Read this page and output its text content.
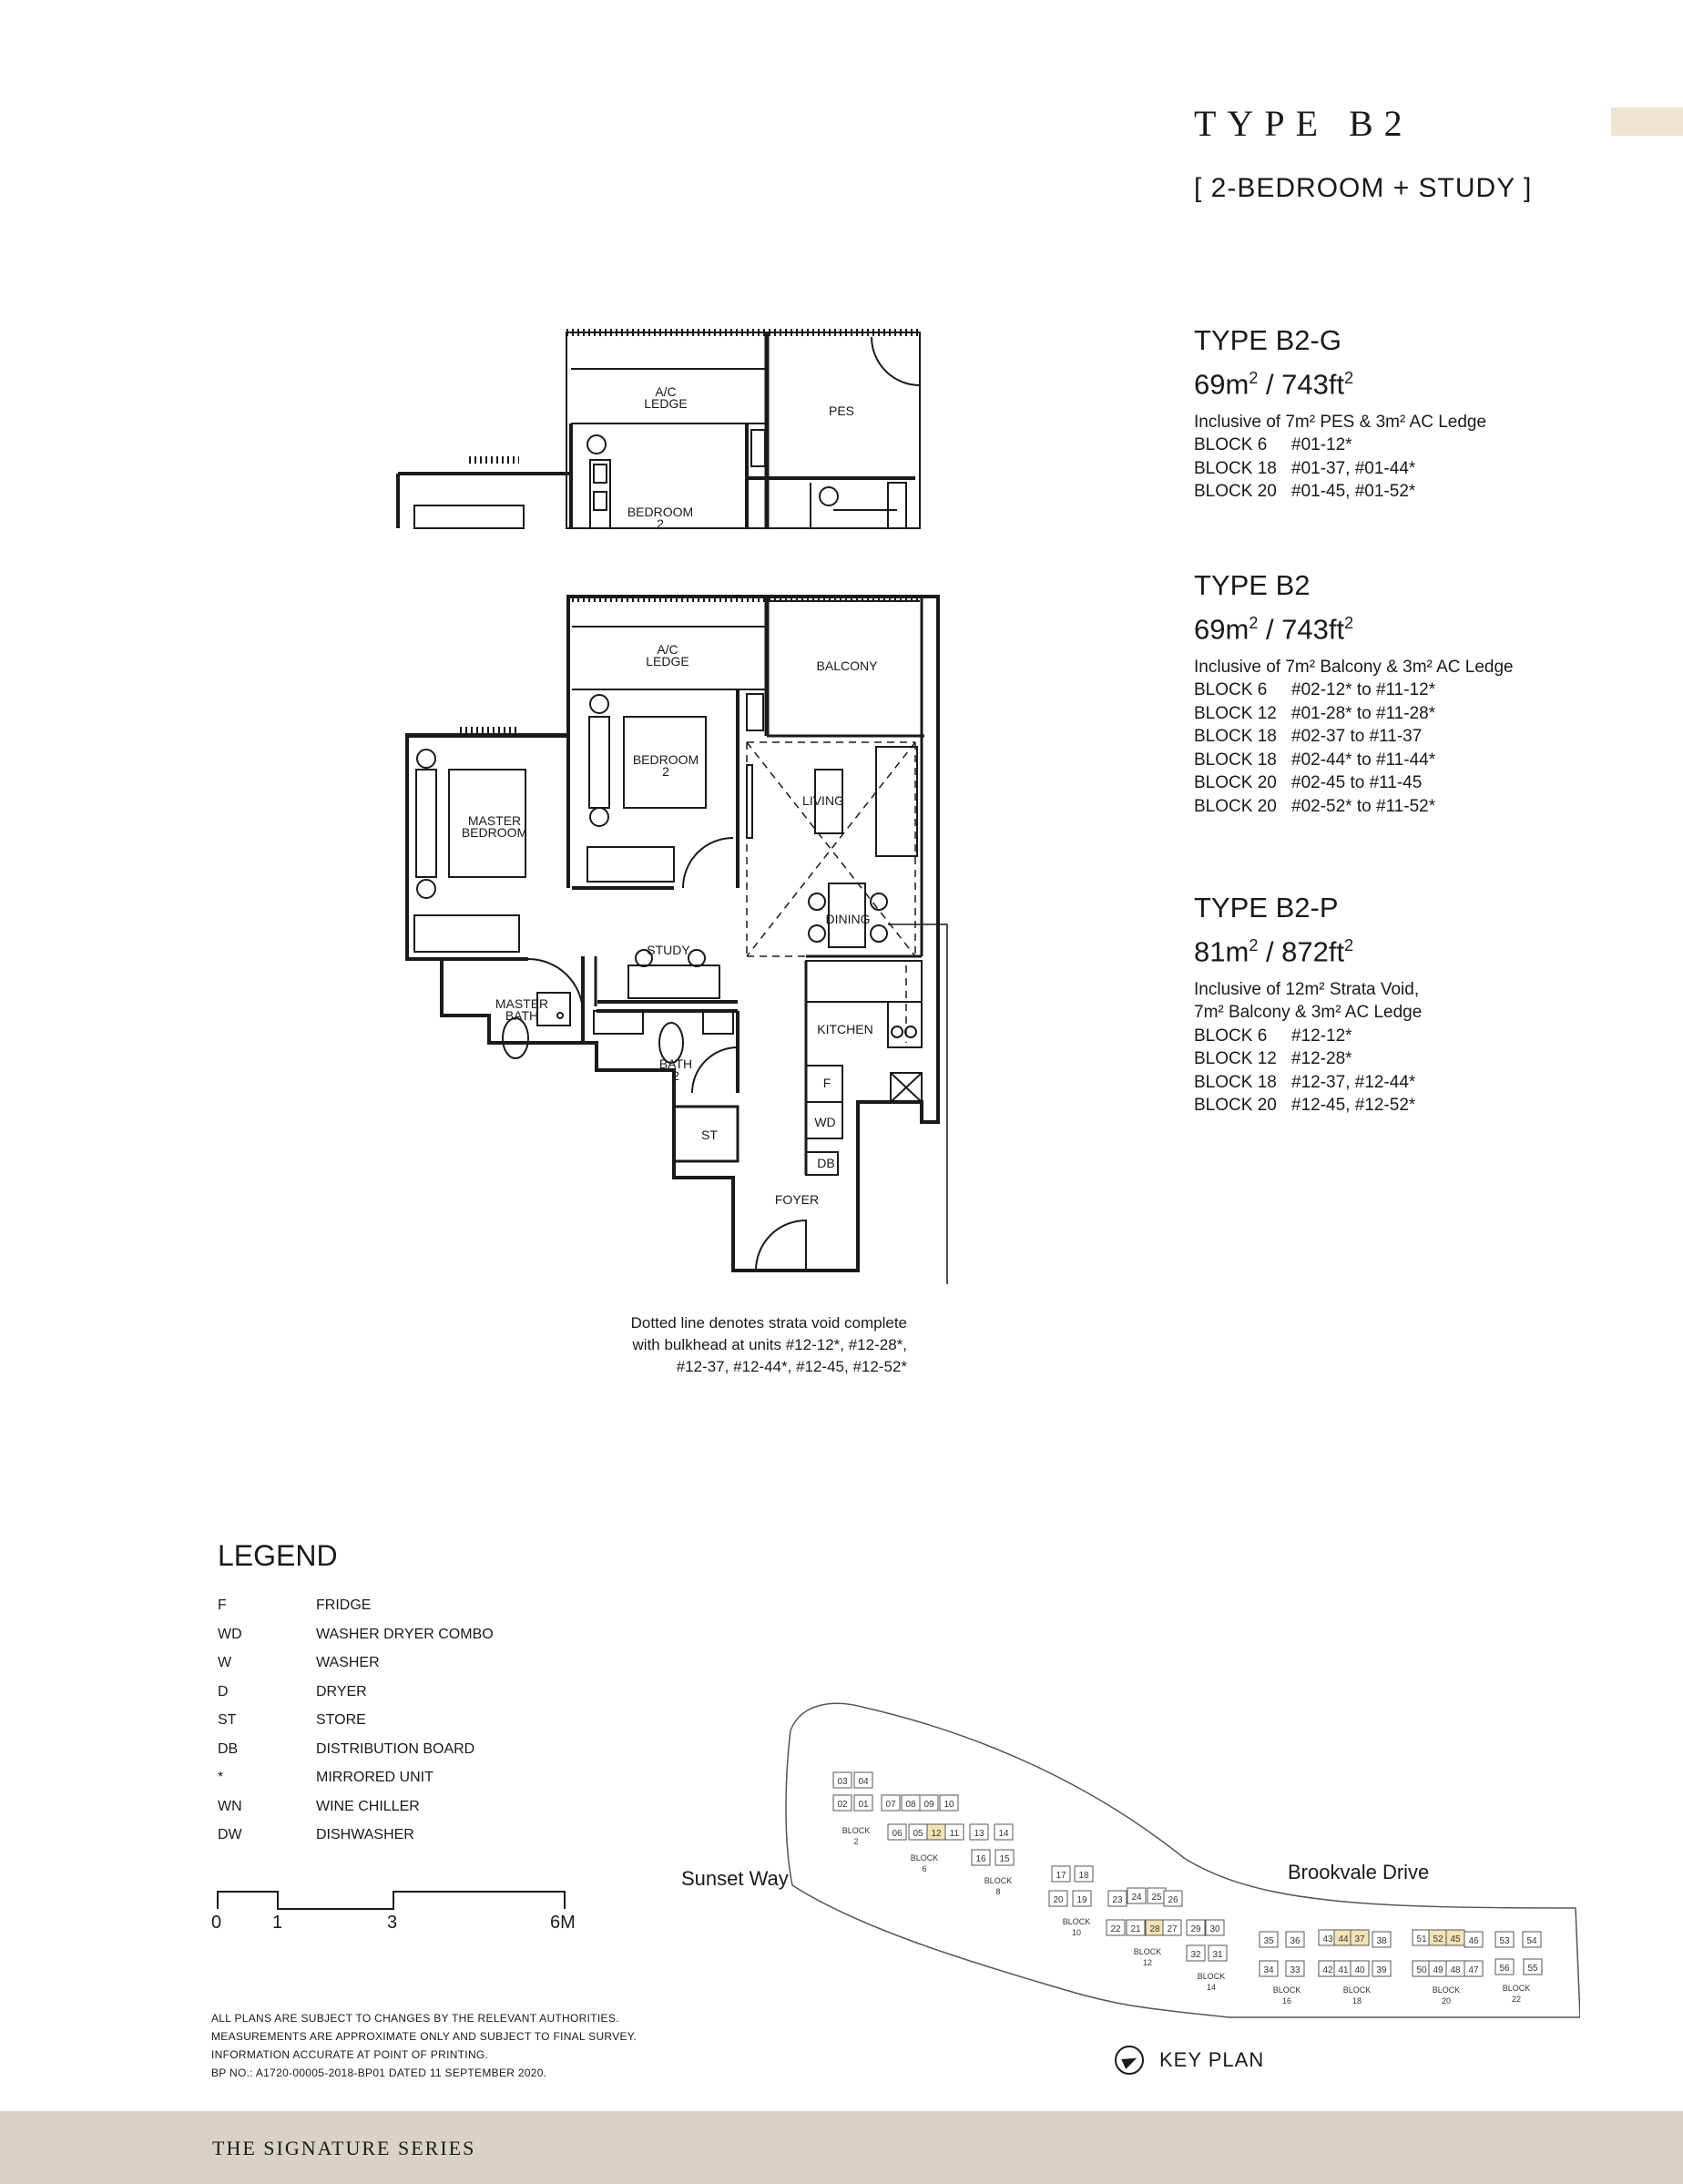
TYPE B2
[ 2-BEDROOM + STUDY ]
TYPE B2-G
$69m^2 / 743ft^2$
Inclusive of 7m² PES & 3m² AC Ledge
BLOCK 6	#01-12*
BLOCK 18 #01-37, #01-44*
BLOCK 20 #01-45, #01-52*
TYPE B2
$69m^2 / 743ft^2$
Inclusive of 7m² Balcony & 3m² AC Ledge
BLOCK 6	#02-12* to #11-12*
BLOCK 12 #01-28* to #11-28*
BLOCK 18 #02-37 to #11-37
BLOCK 18 #02-44* to #11-44*
BLOCK 20 #02-45 to #11-45
BLOCK 20 #02-52* to #11-52*
TYPE B2-P
$81m^2 / 872ft^2$
Inclusive of 12m² Strata Void,
7m² Balcony & 3m² AC Ledge
BLOCK 6	#12-12*
BLOCK 12 #12-28*
BLOCK 18 #12-37, #12-44*
BLOCK 20 #12-45, #12-52*
A/C
LEDGE	PES
BEDROOM
2
A/C
LEDGE	BALCONY
BEDROOM
2
MASTER
BEDROOM
LIVING
DINING
STUDY
MASTER
BATH
BATH
2
KITCHEN
F
WD
DB
ST
FOYER
Dotted line denotes strata void complete
with bulkhead at units #12-12*, #12-28*,
#12-37, #12-44*, #12-45, #12-52*
LEGEND
F	FRIDGE
WD	WASHER DRYER COMBO
W	WASHER
D	DRYER
ST	STORE
DB	DISTRIBUTION BOARD
*	MIRRORED UNIT
WN	WINE CHILLER
DW	DISHWASHER
0	1	3	6M
ALL PLANS ARE SUBJECT TO CHANGES BY THE RELEVANT AUTHORITIES.
MEASUREMENTS ARE APPROXIMATE ONLY AND SUBJECT TO FINAL SURVEY.
INFORMATION ACCURATE AT POINT OF PRINTING.
BP NO.: A1720-00005-2018-BP01 DATED 11 SEPTEMBER 2020.
Sunset Way	Brookvale Drive
03 04
02 01 07 08 09 10
06 05 12 11 13 14
16 15
17 18
20 19	23 24 25 26
22 21 28 27 29 30
32 31
35 36 43 44 37 38
34 33 42 41 40 39
51 52 45 46 53 54
50 49 48 47 56 55
BLOCK
2
BLOCK
6
BLOCK
8
BLOCK
10
BLOCK
12
BLOCK
14	BLOCK
16
BLOCK
18
BLOCK
20
BLOCK
22
KEY PLAN
THE SIGNATURE SERIES
